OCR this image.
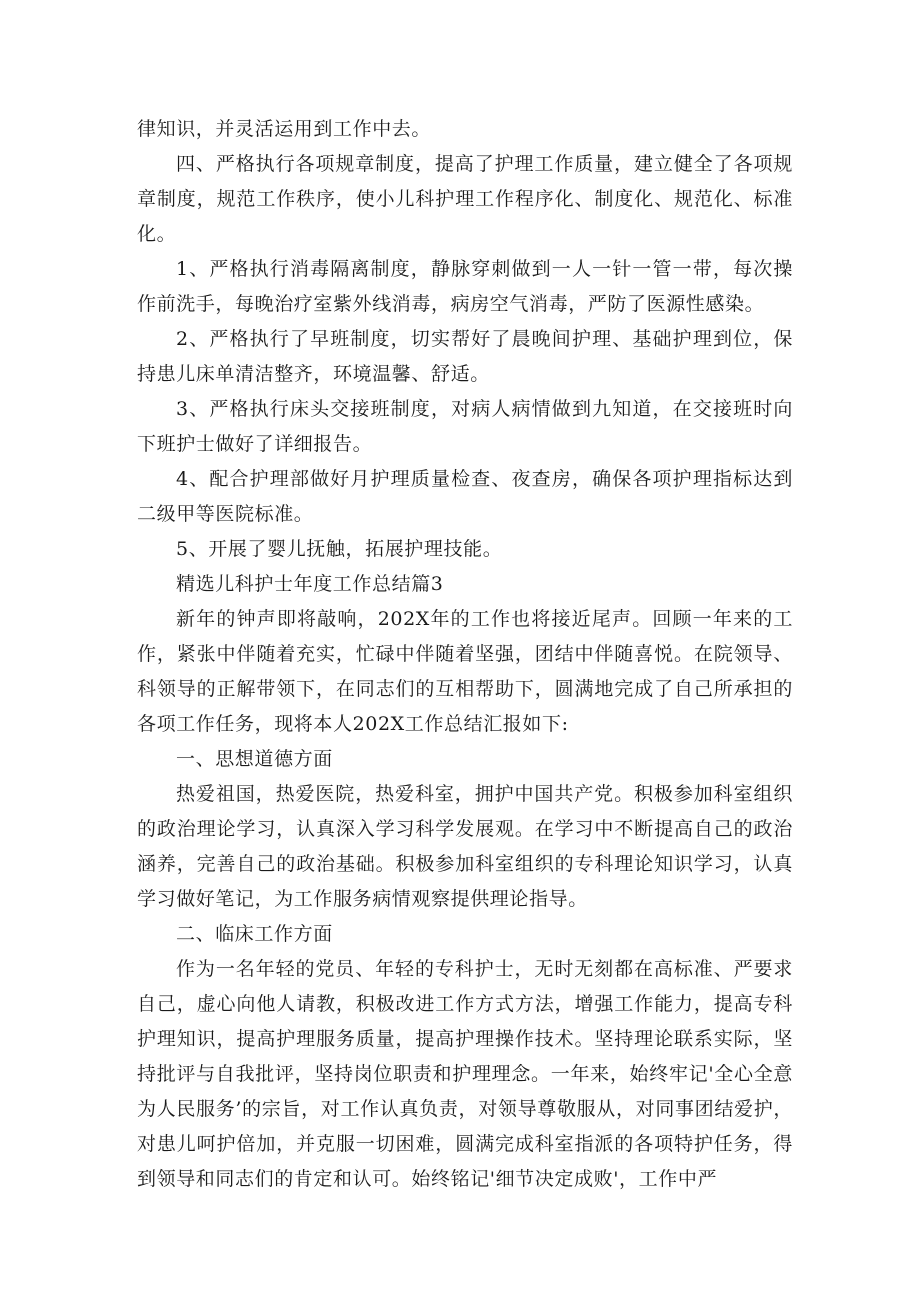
律知识，并灵活运用到工作中去。

四、严格执行各项规章制度，提高了护理工作质量，建立健全了各项规章制度，规范工作秩序，使小儿科护理工作程序化、制度化、规范化、标准化。

1、严格执行消毒隔离制度，静脉穿刺做到一人一针一管一带，每次操作前洗手，每晚治疗室紫外线消毒，病房空气消毒，严防了医源性感染。

2、严格执行了早班制度，切实帮好了晨晚间护理、基础护理到位，保持患儿床单清洁整齐，环境温馨、舒适。

3、严格执行床头交接班制度，对病人病情做到九知道，在交接班时向下班护士做好了详细报告。

4、配合护理部做好月护理质量检查、夜查房，确保各项护理指标达到二级甲等医院标准。

5、开展了婴儿抚触，拓展护理技能。

精选儿科护士年度工作总结篇3

新年的钟声即将敲响，202X年的工作也将接近尾声。回顾一年来的工作，紧张中伴随着充实，忙碌中伴随着坚强，团结中伴随喜悦。在院领导、科领导的正解带领下，在同志们的互相帮助下，圆满地完成了自己所承担的各项工作任务，现将本人202X工作总结汇报如下:

一、思想道德方面

热爱祖国，热爱医院，热爱科室，拥护中国共产党。积极参加科室组织的政治理论学习，认真深入学习科学发展观。在学习中不断提高自己的政治涵养，完善自己的政治基础。积极参加科室组织的专科理论知识学习，认真学习做好笔记，为工作服务病情观察提供理论指导。

二、临床工作方面

作为一名年轻的党员、年轻的专科护士，无时无刻都在高标准、严要求自己，虚心向他人请教，积极改进工作方式方法，增强工作能力，提高专科护理知识，提高护理服务质量，提高护理操作技术。坚持理论联系实际，坚持批评与自我批评，坚持岗位职责和护理理念。一年来，始终牢记'全心全意为人民服务’的宗旨，对工作认真负责，对领导尊敬服从，对同事团结爱护，对患儿呵护倍加，并克服一切困难，圆满完成科室指派的各项特护任务，得到领导和同志们的肯定和认可。始终铭记'细节决定成败'，工作中严
